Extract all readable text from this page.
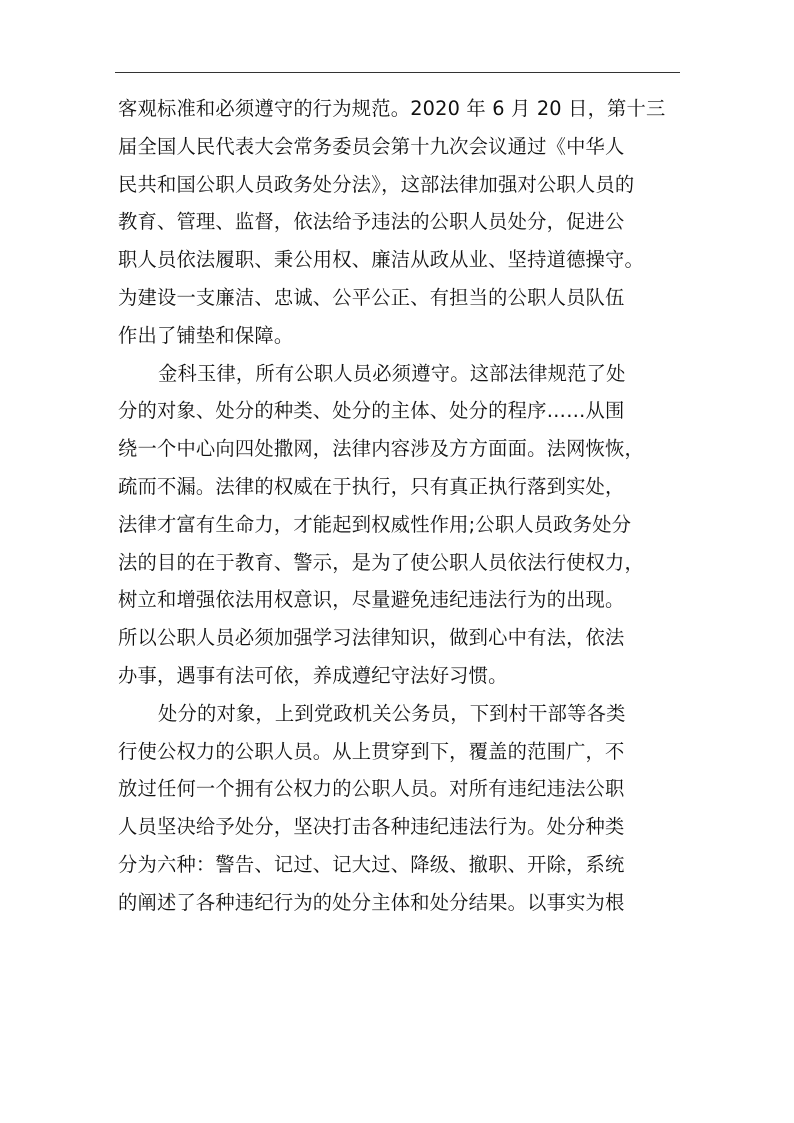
客观标准和必须遵守的行为规范。2020 年 6 月 20 日，第十三
届全国人民代表大会常务委员会第十九次会议通过《中华人
民共和国公职人员政务处分法》，这部法律加强对公职人员的
教育、管理、监督，依法给予违法的公职人员处分，促进公
职人员依法履职、秉公用权、廉洁从政从业、坚持道德操守。
为建设一支廉洁、忠诚、公平公正、有担当的公职人员队伍
作出了铺垫和保障。
金科玉律，所有公职人员必须遵守。这部法律规范了处
分的对象、处分的种类、处分的主体、处分的程序……从围
绕一个中心向四处撒网，法律内容涉及方方面面。法网恢恢，
疏而不漏。法律的权威在于执行，只有真正执行落到实处，
法律才富有生命力，才能起到权威性作用;公职人员政务处分
法的目的在于教育、警示，是为了使公职人员依法行使权力，
树立和增强依法用权意识，尽量避免违纪违法行为的出现。
所以公职人员必须加强学习法律知识，做到心中有法，依法
办事，遇事有法可依，养成遵纪守法好习惯。
处分的对象，上到党政机关公务员，下到村干部等各类
行使公权力的公职人员。从上贯穿到下，覆盖的范围广，不
放过任何一个拥有公权力的公职人员。对所有违纪违法公职
人员坚决给予处分，坚决打击各种违纪违法行为。处分种类
分为六种：警告、记过、记大过、降级、撤职、开除，系统
的阐述了各种违纪行为的处分主体和处分结果。以事实为根
